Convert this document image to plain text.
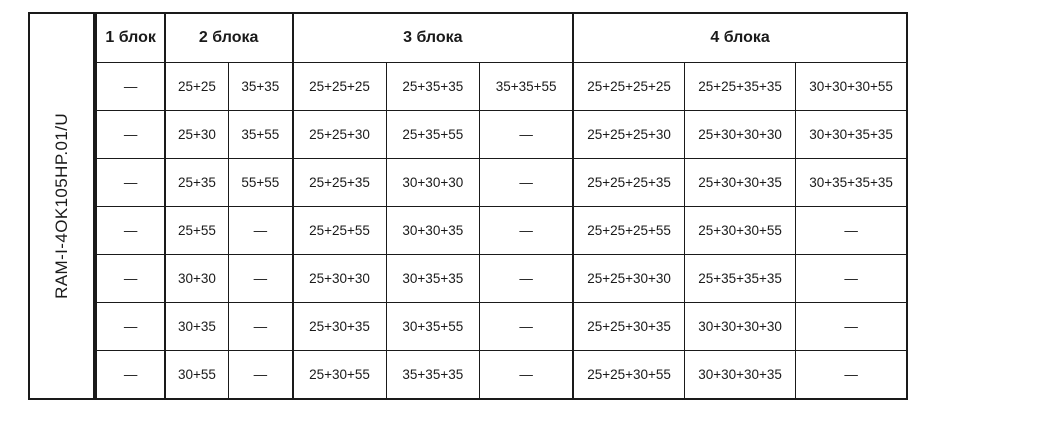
RAM-I-4OK105HP.01/U
1 блок	2 блока		3 блока			4 блока		
—	25+25	35+35	25+25+25	25+35+35	35+35+55	25+25+25+25	25+25+35+35	30+30+30+55
—	25+30	35+55	25+25+30	25+35+55	—	25+25+25+30	25+30+30+30	30+30+35+35
—	25+35	55+55	25+25+35	30+30+30	—	25+25+25+35	25+30+30+35	30+35+35+35
—	25+55	—	25+25+55	30+30+35	—	25+25+25+55	25+30+30+55	—
—	30+30	—	25+30+30	30+35+35	—	25+25+30+30	25+35+35+35	—
—	30+35	—	25+30+35	30+35+55	—	25+25+30+35	30+30+30+30	—
—	30+55	—	25+30+55	35+35+35	—	25+25+30+55	30+30+30+35	—
